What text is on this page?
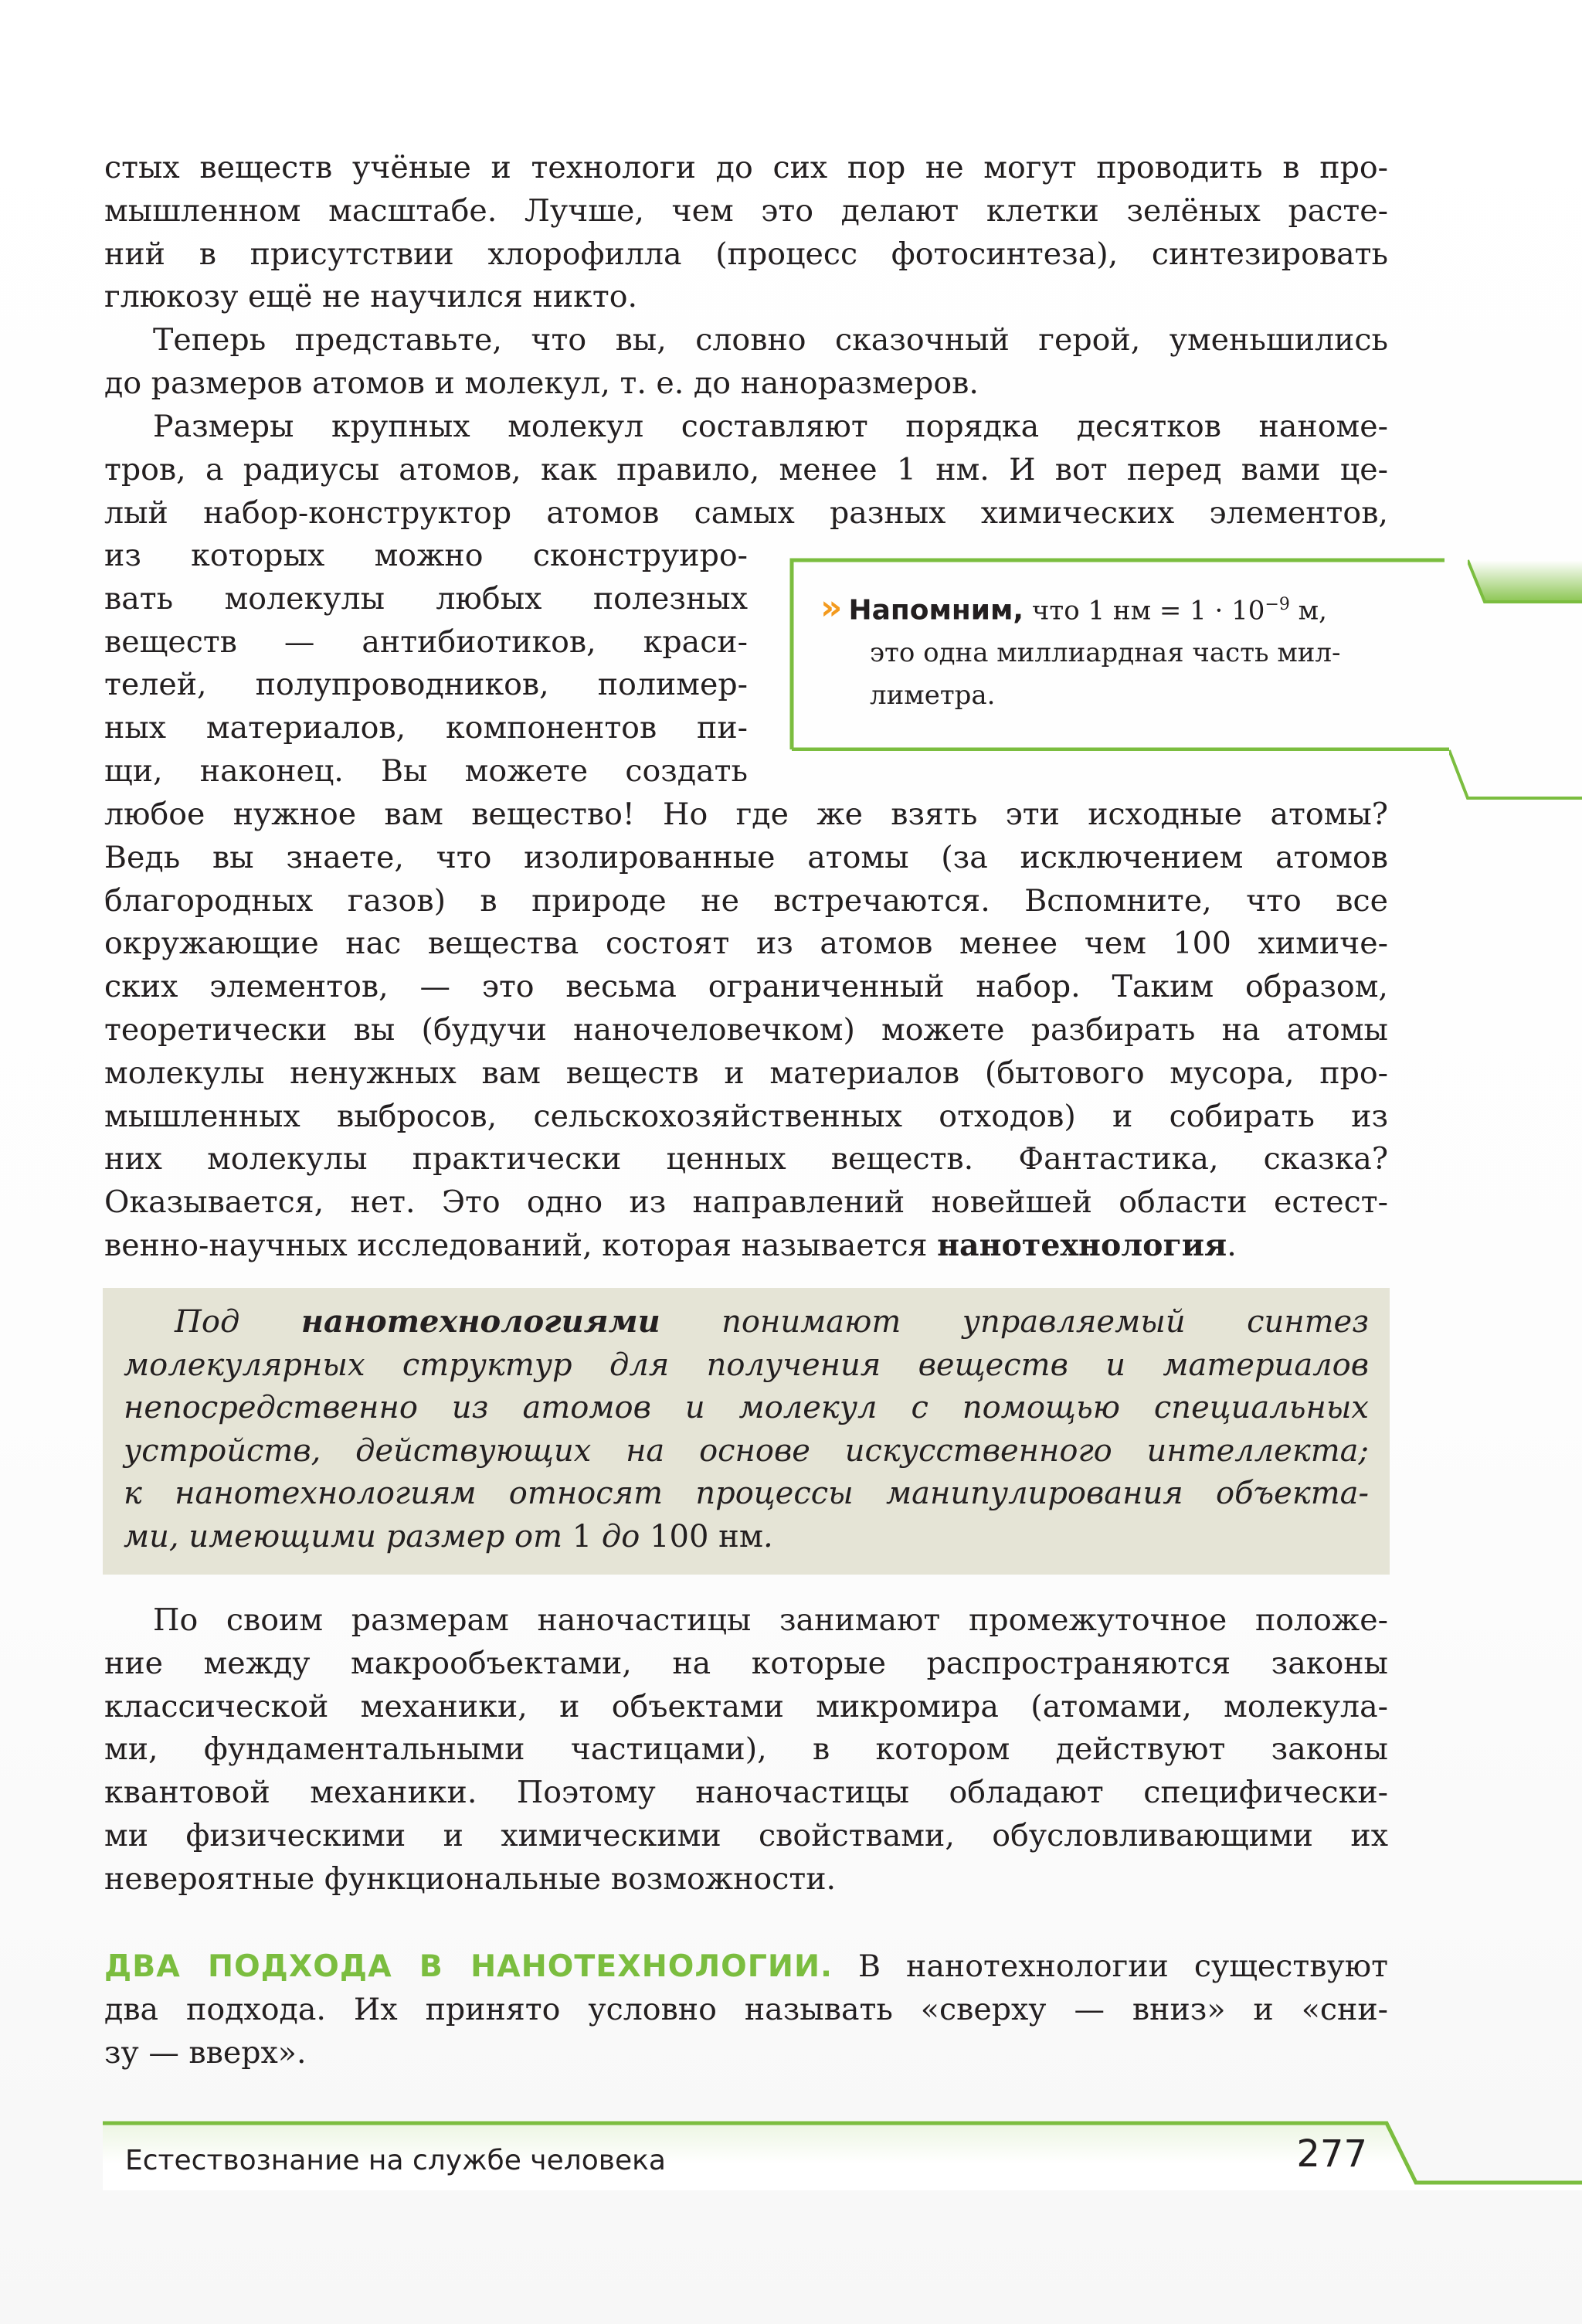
стых веществ учёные и технологи до сих пор не могут проводить в про-
мышленном масштабе. Лучше, чем это делают клетки зелёных расте-
ний в присутствии хлорофилла (процесс фотосинтеза), синтезировать
глюкозу ещё не научился никто.
Теперь представьте, что вы, словно сказочный герой, уменьшились
до размеров атомов и молекул, т. е. до наноразмеров.
Размеры крупных молекул составляют порядка десятков наноме-
тров, а радиусы атомов, как правило, менее 1 нм. И вот перед вами це-
лый набор-конструктор атомов самых разных химических элементов,
из которых можно сконструиро-
вать молекулы любых полезных
веществ — антибиотиков, краси-
телей, полупроводников, полимер-
ных материалов, компонентов пи-
щи, наконец. Вы можете создать
любое нужное вам вещество! Но где же взять эти исходные атомы?
Ведь вы знаете, что изолированные атомы (за исключением атомов
благородных газов) в природе не встречаются. Вспомните, что все
окружающие нас вещества состоят из атомов менее чем 100 химиче-
ских элементов, — это весьма ограниченный набор. Таким образом,
теоретически вы (будучи наночеловечком) можете разбирать на атомы
молекулы ненужных вам веществ и материалов (бытового мусора, про-
мышленных выбросов, сельскохозяйственных отходов) и собирать из
них молекулы практически ценных веществ. Фантастика, сказка?
Оказывается, нет. Это одно из направлений новейшей области естест-
венно-научных исследований, которая называется нанотехнология.
» Напомним, что 1 нм = $1 \cdot 10^{-9}$ м,
это одна миллиардная часть мил-
лиметра.
Под нанотехнологиями понимают управляемый синтез
молекулярных структур для получения веществ и материалов
непосредственно из атомов и молекул с помощью специальных
устройств, действующих на основе искусственного интеллекта;
к нанотехнологиям относят процессы манипулирования объекта-
ми, имеющими размер от 1 до 100 нм.
По своим размерам наночастицы занимают промежуточное положе-
ние между макрообъектами, на которые распространяются законы
классической механики, и объектами микромира (атомами, молекула-
ми, фундаментальными частицами), в котором действуют законы
квантовой механики. Поэтому наночастицы обладают специфически-
ми физическими и химическими свойствами, обусловливающими их
невероятные функциональные возможности.
ДВА ПОДХОДА В НАНОТЕХНОЛОГИИ. В нанотехнологии существуют
два подхода. Их принято условно называть «сверху — вниз» и «сни-
зу — вверх».
Естествознание на службе человека	277
